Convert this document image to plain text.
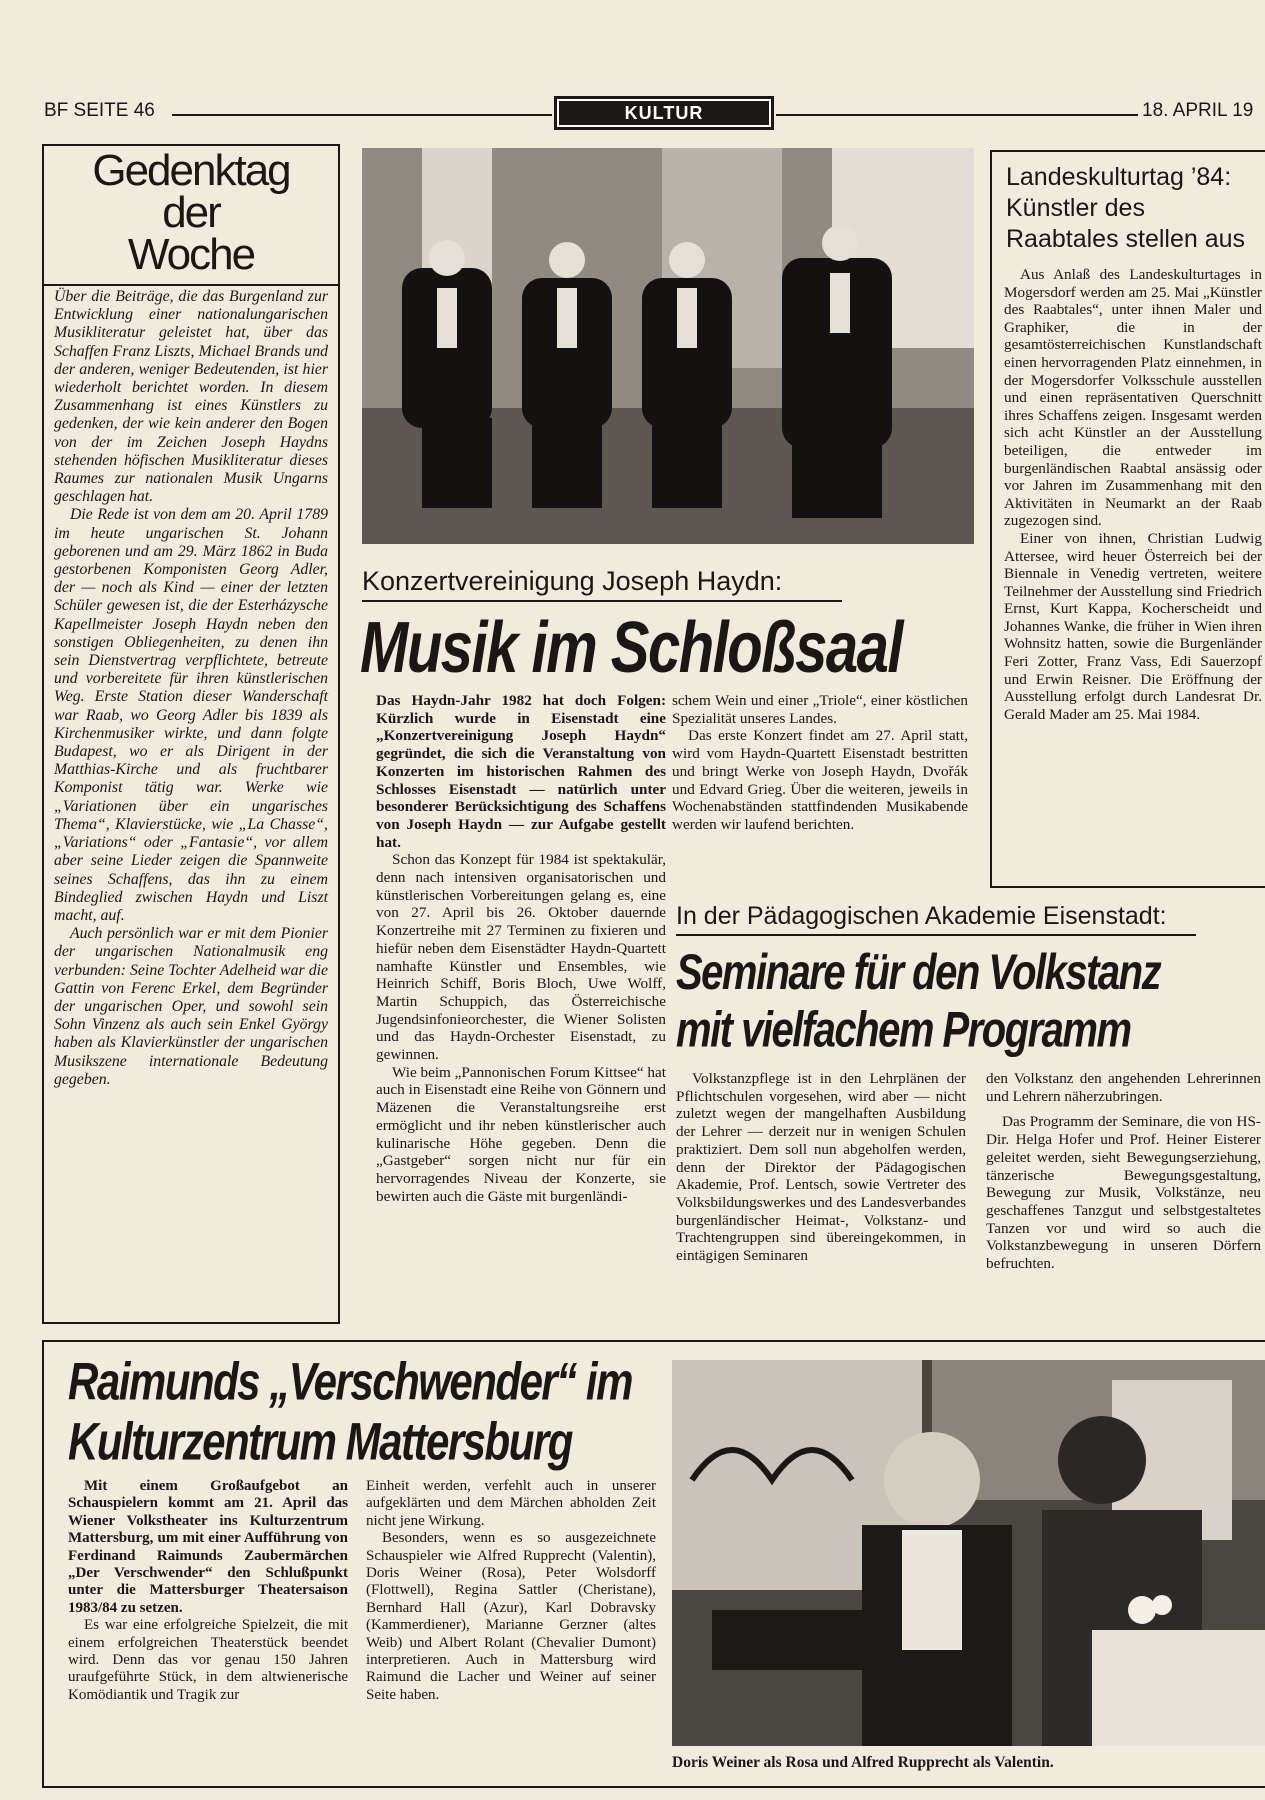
BF SEITE 46	KULTUR	18. APRIL 19
Gedenktag
der
Woche

Über die Beiträge, die das Burgenland zur Entwicklung einer nationalungarischen Musikliteratur geleistet hat, über das Schaffen Franz Liszts, Michael Brands und der anderen, weniger Bedeutenden, ist hier wiederholt berichtet worden. In diesem Zusammenhang ist eines Künstlers zu gedenken, der wie kein anderer den Bogen von der im Zeichen Joseph Haydns stehenden höfischen Musikliteratur dieses Raumes zur nationalen Musik Ungarns geschlagen hat.

Die Rede ist von dem am 20. April 1789 im heute ungarischen St. Johann geborenen und am 29. März 1862 in Buda gestorbenen Komponisten Georg Adler, der — noch als Kind — einer der letzten Schüler gewesen ist, die der Esterházysche Kapellmeister Joseph Haydn neben den sonstigen Obliegenheiten, zu denen ihn sein Dienstvertrag verpflichtete, betreute und vorbereitete für ihren künstlerischen Weg. Erste Station dieser Wanderschaft war Raab, wo Georg Adler bis 1839 als Kirchenmusiker wirkte, und dann folgte Budapest, wo er als Dirigent in der Matthias-Kirche und als fruchtbarer Komponist tätig war. Werke wie „Variationen über ein ungarisches Thema“, Klavierstücke, wie „La Chasse“, „Variations“ oder „Fantasie“, vor allem aber seine Lieder zeigen die Spannweite seines Schaffens, das ihn zu einem Bindeglied zwischen Haydn und Liszt macht, auf.

Auch persönlich war er mit dem Pionier der ungarischen Nationalmusik eng verbunden: Seine Tochter Adelheid war die Gattin von Ferenc Erkel, dem Begründer der ungarischen Oper, und sowohl sein Sohn Vinzenz als auch sein Enkel György haben als Klavierkünstler der ungarischen Musikszene internationale Bedeutung gegeben.

Konzertvereinigung Joseph Haydn:
Musik im Schloßsaal

Das Haydn-Jahr 1982 hat doch Folgen: Kürzlich wurde in Eisenstadt eine „Konzertvereinigung Joseph Haydn“ gegründet, die sich die Veranstaltung von Konzerten im historischen Rahmen des Schlosses Eisenstadt — natürlich unter besonderer Berücksichtigung des Schaffens von Joseph Haydn — zur Aufgabe gestellt hat.

Schon das Konzept für 1984 ist spektakulär, denn nach intensiven organisatorischen und künstlerischen Vorbereitungen gelang es, eine von 27. April bis 26. Oktober dauernde Konzertreihe mit 27 Terminen zu fixieren und hiefür neben dem Eisenstädter Haydn-Quartett namhafte Künstler und Ensembles, wie Heinrich Schiff, Boris Bloch, Uwe Wolff, Martin Schuppich, das Österreichische Jugendsinfonieorchester, die Wiener Solisten und das Haydn-Orchester Eisenstadt, zu gewinnen.

Wie beim „Pannonischen Forum Kittsee“ hat auch in Eisenstadt eine Reihe von Gönnern und Mäzenen die Veranstaltungsreihe erst ermöglicht und ihr neben künstlerischer auch kulinarische Höhe gegeben. Denn die „Gastgeber“ sorgen nicht nur für ein hervorragendes Niveau der Konzerte, sie bewirten auch die Gäste mit burgenländi-

schem Wein und einer „Triole“, einer köstlichen Spezialität unseres Landes.

Das erste Konzert findet am 27. April statt, wird vom Haydn-Quartett Eisenstadt bestritten und bringt Werke von Joseph Haydn, Dvořák und Edvard Grieg. Über die weiteren, jeweils in Wochenabständen stattfindenden Musikabende werden wir laufend berichten.

Landeskulturtag ’84: Künstler des Raabtales stellen aus

Aus Anlaß des Landeskulturtages in Mogersdorf werden am 25. Mai „Künstler des Raabtales“, unter ihnen Maler und Graphiker, die in der gesamtösterreichischen Kunstlandschaft einen hervorragenden Platz einnehmen, in der Mogersdorfer Volksschule ausstellen und einen repräsentativen Querschnitt ihres Schaffens zeigen. Insgesamt werden sich acht Künstler an der Ausstellung beteiligen, die entweder im burgenländischen Raabtal ansässig oder vor Jahren im Zusammenhang mit den Aktivitäten in Neumarkt an der Raab zugezogen sind.

Einer von ihnen, Christian Ludwig Attersee, wird heuer Österreich bei der Biennale in Venedig vertreten, weitere Teilnehmer der Ausstellung sind Friedrich Ernst, Kurt Kappa, Kocherscheidt und Johannes Wanke, die früher in Wien ihren Wohnsitz hatten, sowie die Burgenländer Feri Zotter, Franz Vass, Edi Sauerzopf und Erwin Reisner. Die Eröffnung der Ausstellung erfolgt durch Landesrat Dr. Gerald Mader am 25. Mai 1984.

In der Pädagogischen Akademie Eisenstadt:
Seminare für den Volkstanz
mit vielfachem Programm

Volkstanzpflege ist in den Lehrplänen der Pflichtschulen vorgesehen, wird aber — nicht zuletzt wegen der mangelhaften Ausbildung der Lehrer — derzeit nur in wenigen Schulen praktiziert. Dem soll nun abgeholfen werden, denn der Direktor der Pädagogischen Akademie, Prof. Lentsch, sowie Vertreter des Volksbildungswerkes und des Landesverbandes burgenländischer Heimat-, Volkstanz- und Trachtengruppen sind übereingekommen, in eintägigen Seminaren

den Volkstanz den angehenden Lehrerinnen und Lehrern näherzubringen.

Das Programm der Seminare, die von HS-Dir. Helga Hofer und Prof. Heiner Eisterer geleitet werden, sieht Bewegungserziehung, tänzerische Bewegungsgestaltung, Bewegung zur Musik, Volkstänze, neu geschaffenes Tanzgut und selbstgestaltetes Tanzen vor und wird so auch die Volkstanzbewegung in unseren Dörfern befruchten.

Raimunds „Verschwender“ im
Kulturzentrum Mattersburg

Mit einem Großaufgebot an Schauspielern kommt am 21. April das Wiener Volkstheater ins Kulturzentrum Mattersburg, um mit einer Aufführung von Ferdinand Raimunds Zaubermärchen „Der Verschwender“ den Schlußpunkt unter die Mattersburger Theatersaison 1983/84 zu setzen.

Es war eine erfolgreiche Spielzeit, die mit einem erfolgreichen Theaterstück beendet wird. Denn das vor genau 150 Jahren uraufgeführte Stück, in dem altwienerische Komödiantik und Tragik zur

Einheit werden, verfehlt auch in unserer aufgeklärten und dem Märchen abholden Zeit nicht jene Wirkung.

Besonders, wenn es so ausgezeichnete Schauspieler wie Alfred Rupprecht (Valentin), Doris Weiner (Rosa), Peter Wolsdorff (Flottwell), Regina Sattler (Cheristane), Bernhard Hall (Azur), Karl Dobravsky (Kammerdiener), Marianne Gerzner (altes Weib) und Albert Rolant (Chevalier Dumont) interpretieren. Auch in Mattersburg wird Raimund die Lacher und Weiner auf seiner Seite haben.

Doris Weiner als Rosa und Alfred Rupprecht als Valentin.
